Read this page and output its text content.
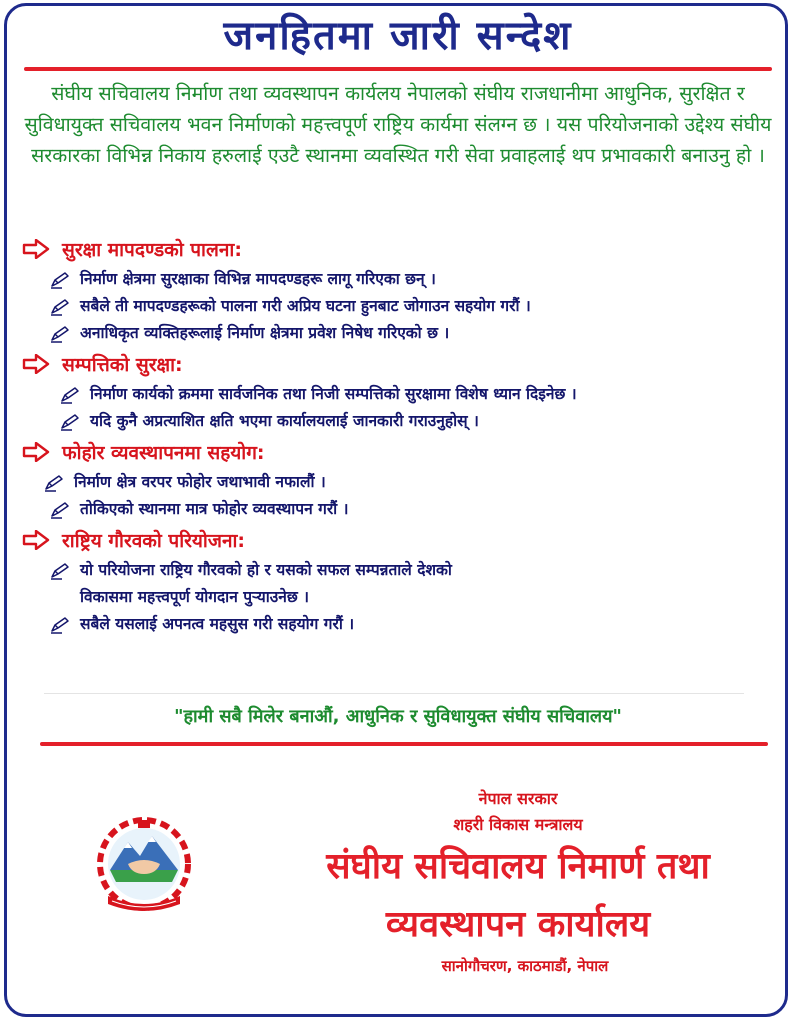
जनहितमा जारी सन्देश

संघीय सचिवालय निर्माण तथा व्यवस्थापन कार्यलय नेपालको संघीय राजधानीमा आधुनिक, सुरक्षित र सुविधायुक्त सचिवालय भवन निर्माणको महत्त्वपूर्ण राष्ट्रिय कार्यमा संलग्न छ । यस परियोजनाको उद्देश्य संघीय सरकारका विभिन्न निकाय हरुलाई एउटै स्थानमा व्यवस्थित गरी सेवा प्रवाहलाई थप प्रभावकारी बनाउनु हो ।

सुरक्षा मापदण्डको पालना:
निर्माण क्षेत्रमा सुरक्षाका विभिन्न मापदण्डहरू लागू गरिएका छन् ।
सबैले ती मापदण्डहरूको पालना गरी अप्रिय घटना हुनबाट जोगाउन सहयोग गरौं ।
अनाधिकृत व्यक्तिहरूलाई निर्माण क्षेत्रमा प्रवेश निषेध गरिएको छ ।
सम्पत्तिको सुरक्षा:
निर्माण कार्यको क्रममा सार्वजनिक तथा निजी सम्पत्तिको सुरक्षामा विशेष ध्यान दिइनेछ ।
यदि कुनै अप्रत्याशित क्षति भएमा कार्यालयलाई जानकारी गराउनुहोस् ।
फोहोर व्यवस्थापनमा सहयोग:
निर्माण क्षेत्र वरपर फोहोर जथाभावी नफालौं ।
तोकिएको स्थानमा मात्र फोहोर व्यवस्थापन गरौं ।
राष्ट्रिय गौरवको परियोजना:
यो परियोजना राष्ट्रिय गौरवको हो र यसको सफल सम्पन्नताले देशको
विकासमा महत्त्वपूर्ण योगदान पुर्‍याउनेछ ।
सबैले यसलाई अपनत्व महसुस गरी सहयोग गरौं ।
"हामी सबै मिलेर बनाऔं, आधुनिक र सुविधायुक्त संघीय सचिवालय"
नेपाल सरकार
शहरी विकास मन्त्रालय
संघीय सचिवालय निमार्ण तथा
व्यवस्थापन कार्यालय
सानोगौचरण, काठमाडौं, नेपाल
